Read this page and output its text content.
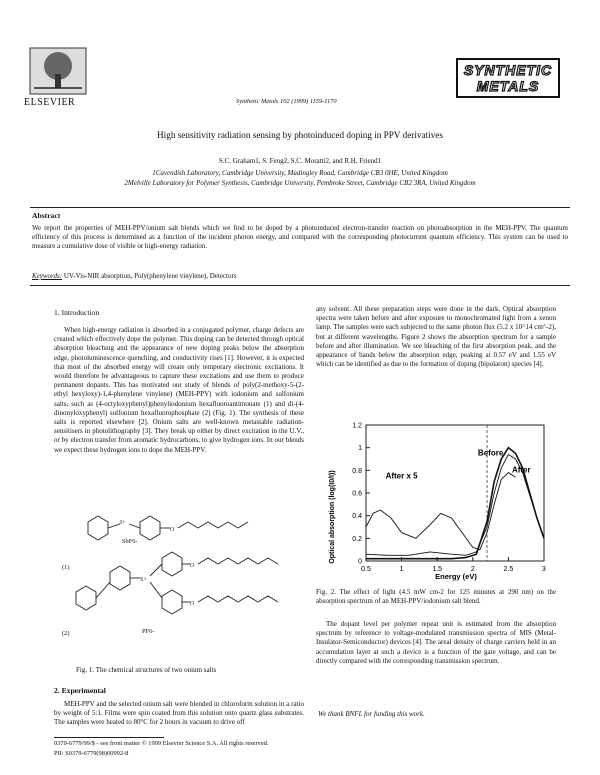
ELSEVIER	Synthetic Metals 102 (1999) 1159-1170
SYNTHETIC
METALS
High sensitivity radiation sensing by photoinduced doping in PPV derivatives
S.C. Graham1, S. Feng2, S.C. Moratti2, and R.H. Friend1
1Cavendish Laboratory, Cambridge University, Madingley Road, Cambridge CB3 0HE, United Kingdom
2Melville Laboratory for Polymer Synthesis, Cambridge University, Pembroke Street, Cambridge CB2 3RA, United Kingdom
Abstract
We report the properties of MEH-PPV/onium salt blends which we find to be doped by a photoinduced electron-transfer reaction on photoabsorption in the MEH-PPV. The quantum efficiency of this process is determined as a function of the incident photon energy, and compared with the corresponding photocurrent quantum efficiency. This system can be used to measure a cumulative dose of visible or high-energy radiation.
Keywords: UV-Vis-NIR absorption, Poly(phenylene vinylene), Detectors
1. Introduction
When high-energy radiation is absorbed in a conjugated polymer, charge defects are created which effectively dope the polymer. This doping can be detected through optical absorption bleaching and the appearance of new doping peaks below the absorption edge, photoluminescence quenching, and conductivity rises [1]. However, it is expected that most of the absorbed energy will create only temporary electronic excitations. It would therefore be advantageous to capture these excitations and use them to produce permanent dopants. This has motivated our study of blends of poly(2-methoxy-5-(2-ethyl hexyloxy)-1,4-phenylene vinylene) (MEH-PPV) with iodonium and sulfonium salts, such as (4-octyloxyphenyl)phenyliodonium hexafluoroantimonate (1) and di-(4-dinonyloxyphenyl) sulfonium hexafluorophosphate (2) (Fig. 1). The synthesis of these salts is reported elsewhere [2]. Onium salts are well-known metastable radiation-sensitisers in photolithography [3]. They break up either by direct excitation in the U.V., or by electron transfer from aromatic hydrocarbons, to give hydrogen ions. In our blends we expect these hydrogen ions to dope the MEH-PPV.
I+
O
S+
O
O
SbF6-
(1)
PF6-
(2)
Fig. 1. The chemical structures of two onium salts
2. Experimental
MEH-PPV and the selected onium salt were blended in chloroform solution in a ratio by weight of 5:1. Films were spin coated from this solution onto quartz glass substrates. The samples were heated to 80°C for 2 hours in vacuum to drive off
any solvent. All these preparation steps were done in the dark. Optical absorption spectra were taken before and after exposure to monochromated light from a xenon lamp. The samples were each subjected to the same photon flux (5.2 x 10^14 cm^-2), but at different wavelengths. Figure 2 shows the absorption spectrum for a sample before and after illumination. We see bleaching of the first absorption peak, and the appearance of bands below the absorption edge, peaking at 0.57 eV and 1.55 eV which can be identified as due to the formation of doping (bipolaron) species [4].
0.5	1	1.5	2	2.5	3
0
0.2
0.4
0.6
0.8
1
1.2
Before
After
After x 5
Optical absorption (log(I0/I))
Energy (eV)
Fig. 2. The effect of light (4.5 mW cm-2 for 125 minutes at 290 nm) on the absorption spectrum of an MEH-PPV/iodonium salt blend.
The dopant level per polymer repeat unit is estimated from the absorption spectrum by reference to voltage-modulated transmission spectra of MIS (Metal-Insulator-Semiconductor) devices [4]. The areal density of charge carriers held in an accumulation layer at such a device is a function of the gate voltage, and can be directly compared with the corresponding transmission spectrum.
We thank BNFL for funding this work.
0379-6779/99/$ - see front matter © 1999 Elsevier Science S.A. All rights reserved.
PII: S0379-6779(98)00992-8
